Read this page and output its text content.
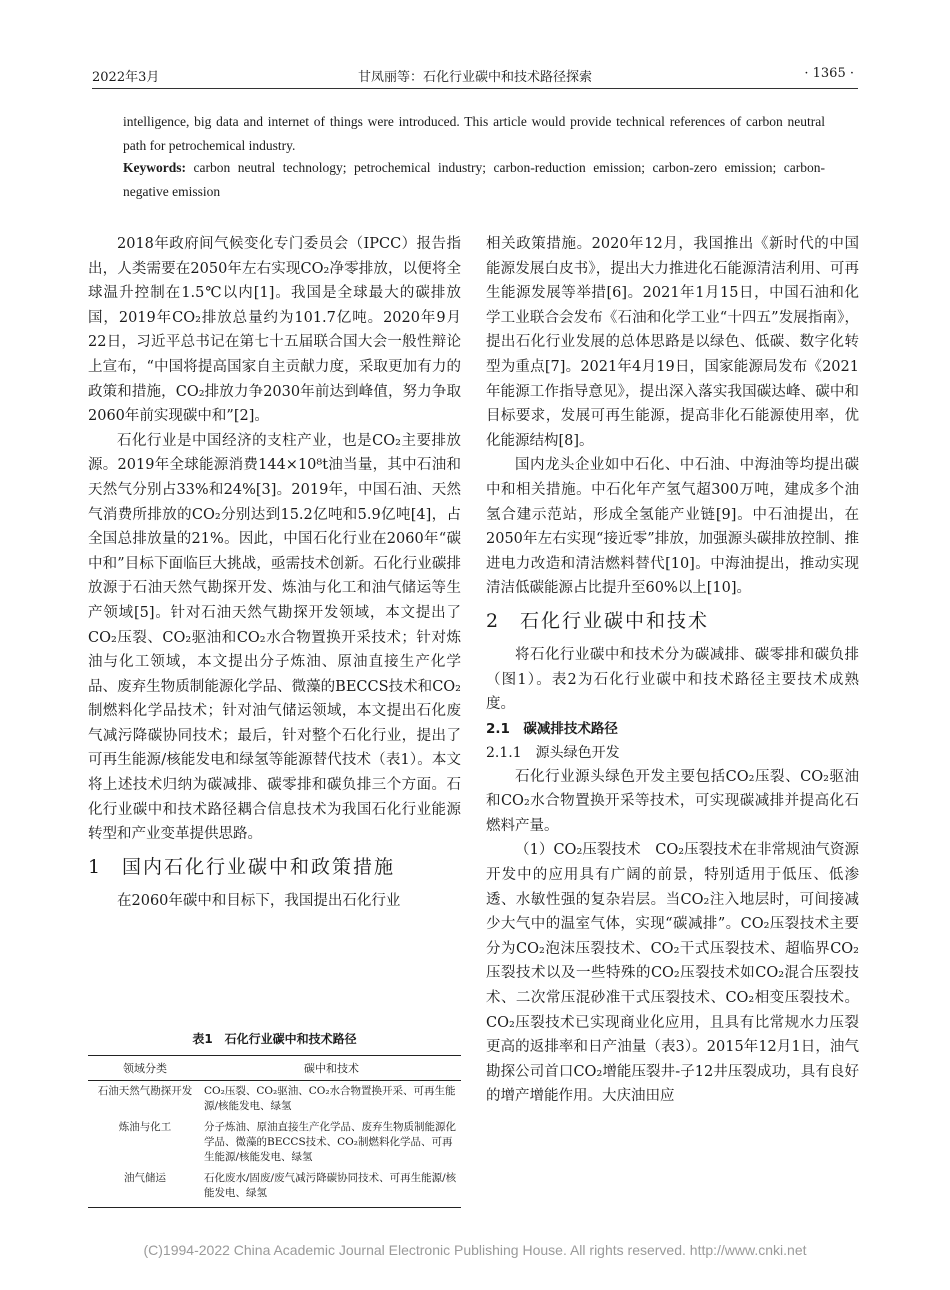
2022年3月	甘凤丽等：石化行业碳中和技术路径探索	· 1365 ·
intelligence, big data and internet of things were introduced. This article would provide technical references of carbon neutral path for petrochemical industry.
Keywords: carbon neutral technology; petrochemical industry; carbon-reduction emission; carbon-zero emission; carbon-negative emission

2018年政府间气候变化专门委员会（IPCC）报告指出，人类需要在2050年左右实现CO₂净零排放，以便将全球温升控制在1.5℃以内[1]。我国是全球最大的碳排放国，2019年CO₂排放总量约为101.7亿吨。2020年9月22日，习近平总书记在第七十五届联合国大会一般性辩论上宣布，“中国将提高国家自主贡献力度，采取更加有力的政策和措施，CO₂排放力争2030年前达到峰值，努力争取2060年前实现碳中和”[2]。

石化行业是中国经济的支柱产业，也是CO₂主要排放源。2019年全球能源消费144×10⁸t油当量，其中石油和天然气分别占33%和24%[3]。2019年，中国石油、天然气消费所排放的CO₂分别达到15.2亿吨和5.9亿吨[4]，占全国总排放量的21%。因此，中国石化行业在2060年“碳中和”目标下面临巨大挑战，亟需技术创新。石化行业碳排放源于石油天然气勘探开发、炼油与化工和油气储运等生产领域[5]。针对石油天然气勘探开发领域，本文提出了CO₂压裂、CO₂驱油和CO₂水合物置换开采技术；针对炼油与化工领域，本文提出分子炼油、原油直接生产化学品、废弃生物质制能源化学品、微藻的BECCS技术和CO₂制燃料化学品技术；针对油气储运领域，本文提出石化废气减污降碳协同技术；最后，针对整个石化行业，提出了可再生能源/核能发电和绿氢等能源替代技术（表1）。本文将上述技术归纳为碳减排、碳零排和碳负排三个方面。石化行业碳中和技术路径耦合信息技术为我国石化行业能源转型和产业变革提供思路。

1 国内石化行业碳中和政策措施

在2060年碳中和目标下，我国提出石化行业

表1　石化行业碳中和技术路径
领域分类	碳中和技术
石油天然气勘探开发	CO₂压裂、CO₂驱油、CO₂水合物置换开采、可再生能源/核能发电、绿氢
炼油与化工	分子炼油、原油直接生产化学品、废弃生物质制能源化学品、微藻的BECCS技术、CO₂制燃料化学品、可再生能源/核能发电、绿氢
油气储运	石化废水/固废/废气减污降碳协同技术、可再生能源/核能发电、绿氢

相关政策措施。2020年12月，我国推出《新时代的中国能源发展白皮书》，提出大力推进化石能源清洁利用、可再生能源发展等举措[6]。2021年1月15日，中国石油和化学工业联合会发布《石油和化学工业“十四五”发展指南》，提出石化行业发展的总体思路是以绿色、低碳、数字化转型为重点[7]。2021年4月19日，国家能源局发布《2021年能源工作指导意见》，提出深入落实我国碳达峰、碳中和目标要求，发展可再生能源，提高非化石能源使用率，优化能源结构[8]。

国内龙头企业如中石化、中石油、中海油等均提出碳中和相关措施。中石化年产氢气超300万吨，建成多个油氢合建示范站，形成全氢能产业链[9]。中石油提出，在2050年左右实现“接近零”排放，加强源头碳排放控制、推进电力改造和清洁燃料替代[10]。中海油提出，推动实现清洁低碳能源占比提升至60%以上[10]。

2 石化行业碳中和技术

将石化行业碳中和技术分为碳减排、碳零排和碳负排（图1）。表2为石化行业碳中和技术路径主要技术成熟度。

2.1　碳减排技术路径
2.1.1　源头绿色开发

石化行业源头绿色开发主要包括CO₂压裂、CO₂驱油和CO₂水合物置换开采等技术，可实现碳减排并提高化石燃料产量。

（1）CO₂压裂技术　CO₂压裂技术在非常规油气资源开发中的应用具有广阔的前景，特别适用于低压、低渗透、水敏性强的复杂岩层。当CO₂注入地层时，可间接减少大气中的温室气体，实现“碳减排”。CO₂压裂技术主要分为CO₂泡沫压裂技术、CO₂干式压裂技术、超临界CO₂压裂技术以及一些特殊的CO₂压裂技术如CO₂混合压裂技术、二次常压混砂准干式压裂技术、CO₂相变压裂技术。CO₂压裂技术已实现商业化应用，且具有比常规水力压裂更高的返排率和日产油量（表3）。2015年12月1日，油气勘探公司首口CO₂增能压裂井-子12井压裂成功，具有良好的增产增能作用。大庆油田应

(C)1994-2022 China Academic Journal Electronic Publishing House. All rights reserved. http://www.cnki.net
